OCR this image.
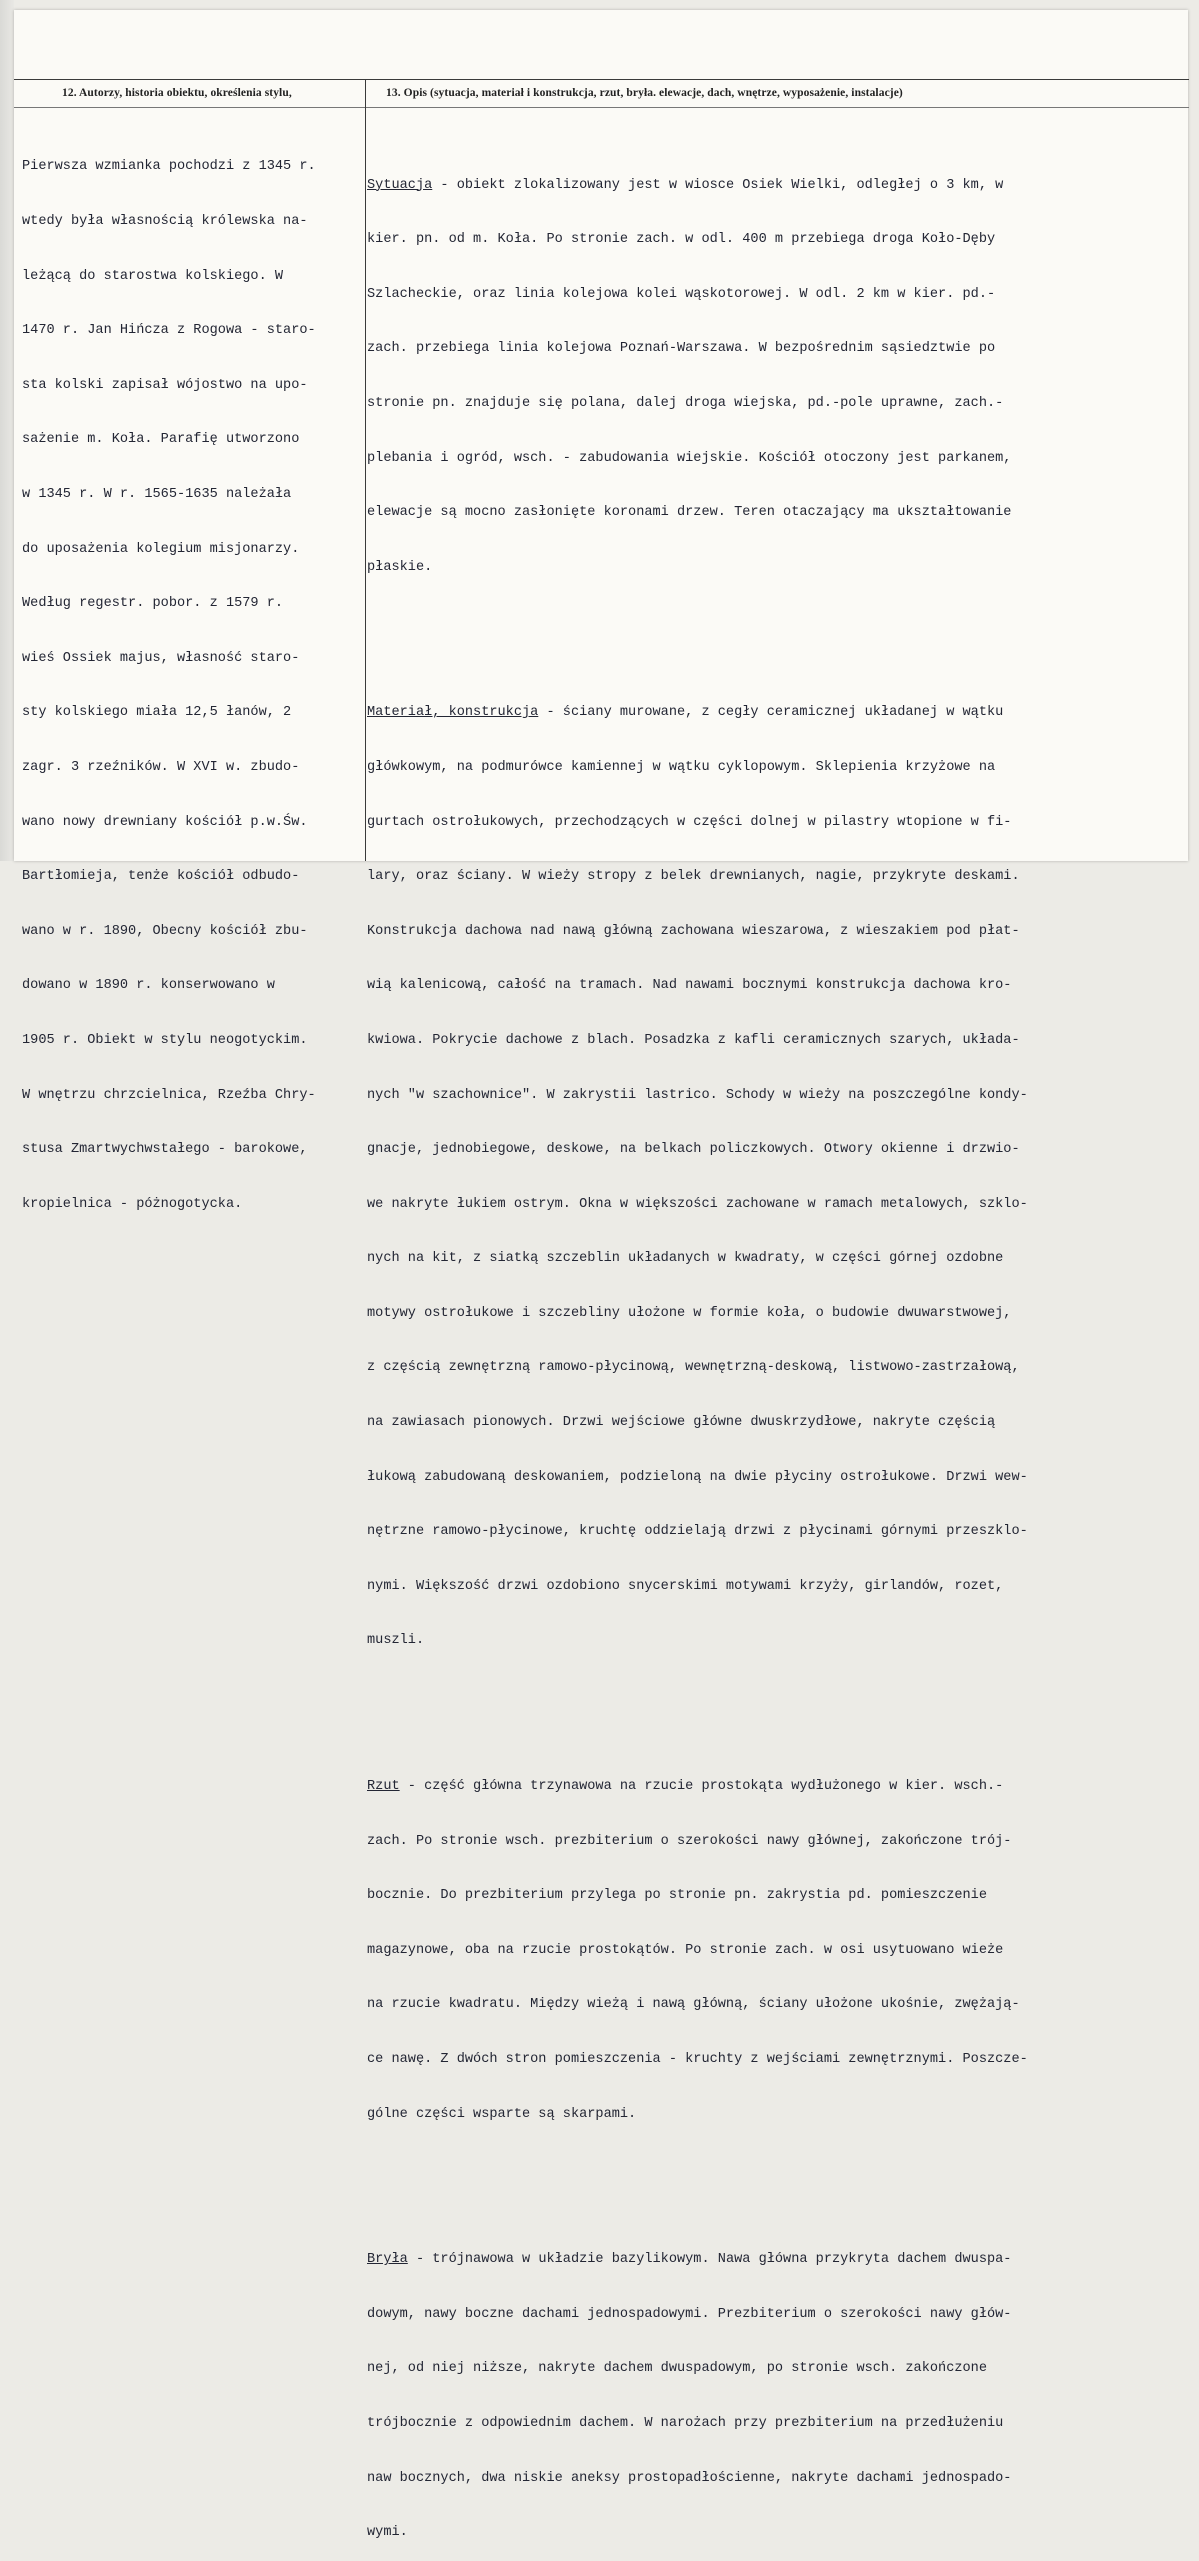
12. Autorzy, historia obiektu, określenia stylu,	13. Opis (sytuacja, materiał i konstrukcja, rzut, bryła. elewacje, dach, wnętrze, wyposażenie, instalacje)

Pierwsza wzmianka pochodzi z 1345 r.

wtedy była własnością królewska na-

leżącą do starostwa kolskiego. W

1470 r. Jan Hińcza z Rogowa - staro-

sta kolski zapisał wójostwo na upo-

sażenie m. Koła. Parafię utworzono

w 1345 r. W r. 1565-1635 należała

do uposażenia kolegium misjonarzy.

Według regestr. pobor. z 1579 r.

wieś Ossiek majus, własność staro-

sty kolskiego miała 12,5 łanów, 2

zagr. 3 rzeźników. W XVI w. zbudo-

wano nowy drewniany kościół p.w.Św.

Bartłomieja, tenże kościół odbudo-

wano w r. 1890, Obecny kościół zbu-

dowano w 1890 r. konserwowano w

1905 r. Obiekt w stylu neogotyckim.

W wnętrzu chrzcielnica, Rzeźba Chry-

stusa Zmartwychwstałego - barokowe,

kropielnica - póżnogotycka.

Sytuacja - obiekt zlokalizowany jest w wiosce Osiek Wielki, odległej o 3 km, w

kier. pn. od m. Koła. Po stronie zach. w odl. 400 m przebiega droga Koło-Dęby

Szlacheckie, oraz linia kolejowa kolei wąskotorowej. W odl. 2 km w kier. pd.-

zach. przebiega linia kolejowa Poznań-Warszawa. W bezpośrednim sąsiedztwie po

stronie pn. znajduje się polana, dalej droga wiejska, pd.-pole uprawne, zach.-

plebania i ogród, wsch. - zabudowania wiejskie. Kościół otoczony jest parkanem,

elewacje są mocno zasłonięte koronami drzew. Teren otaczający ma ukształtowanie

płaskie.

Materiał, konstrukcja - ściany murowane, z cegły ceramicznej układanej w wątku

główkowym, na podmurówce kamiennej w wątku cyklopowym. Sklepienia krzyżowe na

gurtach ostrołukowych, przechodzących w części dolnej w pilastry wtopione w fi-

lary, oraz ściany. W wieży stropy z belek drewnianych, nagie, przykryte deskami.

Konstrukcja dachowa nad nawą główną zachowana wieszarowa, z wieszakiem pod płat-

wią kalenicową, całość na tramach. Nad nawami bocznymi konstrukcja dachowa kro-

kwiowa. Pokrycie dachowe z blach. Posadzka z kafli ceramicznych szarych, układa-

nych "w szachownice". W zakrystii lastrico. Schody w wieży na poszczególne kondy-

gnacje, jednobiegowe, deskowe, na belkach policzkowych. Otwory okienne i drzwio-

we nakryte łukiem ostrym. Okna w większości zachowane w ramach metalowych, szklo-

nych na kit, z siatką szczeblin układanych w kwadraty, w części górnej ozdobne

motywy ostrołukowe i szczebliny ułożone w formie koła, o budowie dwuwarstwowej,

z częścią zewnętrzną ramowo-płycinową, wewnętrzną-deskową, listwowo-zastrzałową,

na zawiasach pionowych. Drzwi wejściowe główne dwuskrzydłowe, nakryte częścią

łukową zabudowaną deskowaniem, podzieloną na dwie płyciny ostrołukowe. Drzwi wew-

nętrzne ramowo-płycinowe, kruchtę oddzielają drzwi z płycinami górnymi przeszklo-

nymi. Większość drzwi ozdobiono snycerskimi motywami krzyży, girlandów, rozet,

muszli.

Rzut - część główna trzynawowa na rzucie prostokąta wydłużonego w kier. wsch.-

zach. Po stronie wsch. prezbiterium o szerokości nawy głównej, zakończone trój-

bocznie. Do prezbiterium przylega po stronie pn. zakrystia pd. pomieszczenie

magazynowe, oba na rzucie prostokątów. Po stronie zach. w osi usytuowano wieże

na rzucie kwadratu. Między wieżą i nawą główną, ściany ułożone ukośnie, zwężają-

ce nawę. Z dwóch stron pomieszczenia - kruchty z wejściami zewnętrznymi. Poszcze-

gólne części wsparte są skarpami.

Bryła - trójnawowa w układzie bazylikowym. Nawa główna przykryta dachem dwuspa-

dowym, nawy boczne dachami jednospadowymi. Prezbiterium o szerokości nawy głów-

nej, od niej niższe, nakryte dachem dwuspadowym, po stronie wsch. zakończone

trójbocznie z odpowiednim dachem. W narożach przy prezbiterium na przedłużeniu

naw bocznych, dwa niskie aneksy prostopadłościenne, nakryte dachami jednospado-

wymi.
